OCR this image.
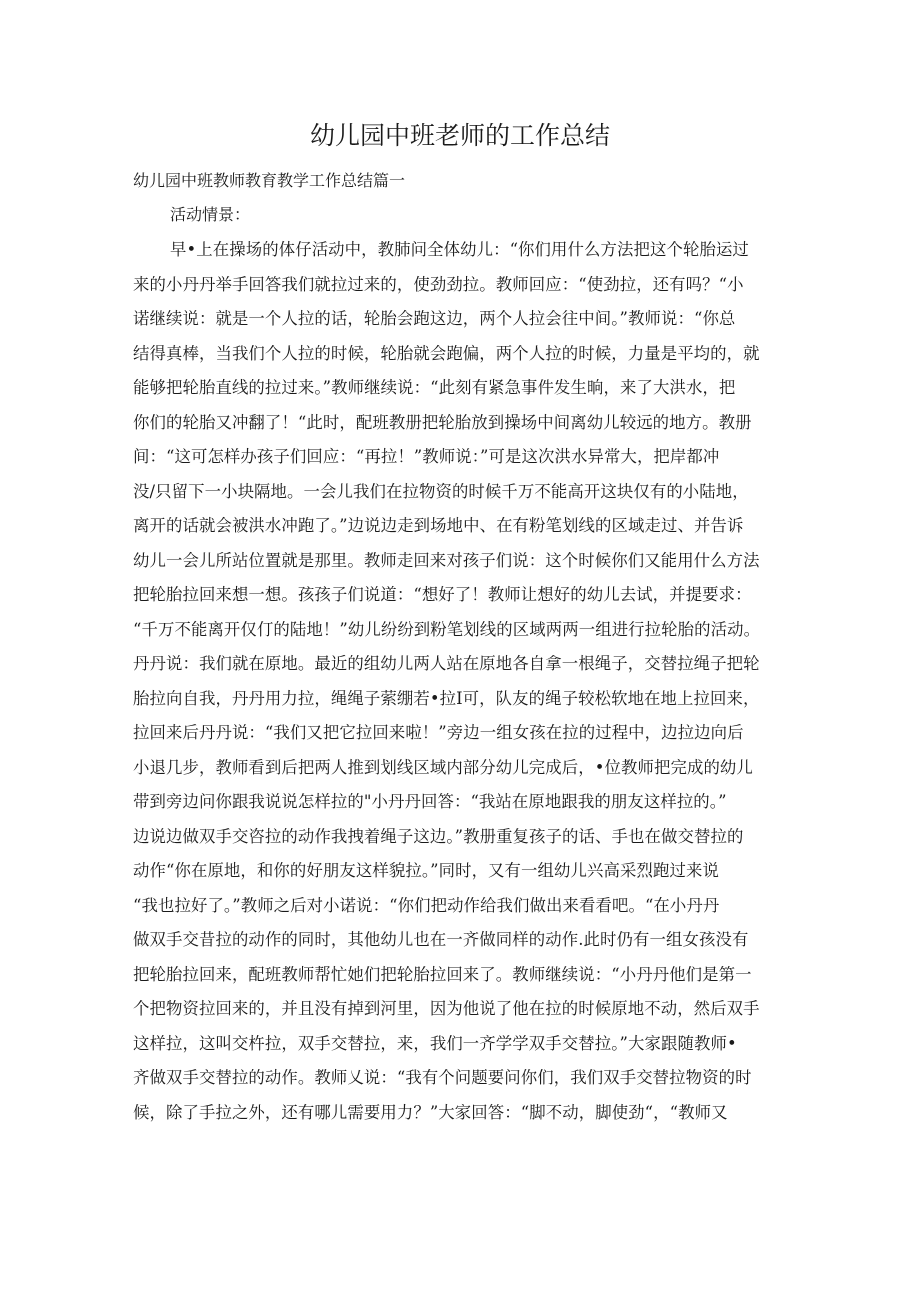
幼儿园中班老师的工作总结

幼儿园中班教师教育教学工作总结篇一

活动情景：

早•上在操场的体仔活动中，教肺问全体幼儿：“你们用什么方法把这个轮胎运过
来的小丹丹举手回答我们就拉过来的，使劲劲拉。教师回应：“使劲拉，还有吗？“小
诺继续说：就是一个人拉的话，轮胎会跑这边，两个人拉会往中间。”教师说：“你总
结得真棒，当我们个人拉的时候，轮胎就会跑偏，两个人拉的时候，力量是平均的，就
能够把轮胎直线的拉过来。”教师继续说：“此刻有紧急事件发生晌，来了大洪水，把
你们的轮胎又冲翻了！“此时，配班教册把轮胎放到操场中间离幼儿较远的地方。教册
间：“这可怎样办孩子们回应：“再拉！”教师说：”可是这次洪水异常大，把岸都冲
没/只留下一小块隔地。一会儿我们在拉物资的时候千万不能高开这块仅有的小陆地，
离开的话就会被洪水冲跑了。”边说边走到场地中、在有粉笔划线的区域走过、并告诉
幼儿一会儿所站位置就是那里。教师走回来对孩子们说：这个时候你们又能用什么方法
把轮胎拉回来想一想。孩孩子们说道：“想好了！教师让想好的幼儿去试，并提要求：
“千万不能离开仅仃的陆地！”幼儿纷纷到粉笔划线的区域两两一组进行拉轮胎的活动。
丹丹说：我们就在原地。最近的组幼儿两人站在原地各自拿一根绳子，交替拉绳子把轮
胎拉向自我，丹丹用力拉，绳绳子萦绷若•拉I可，队友的绳子较松软地在地上拉回来，
拉回来后丹丹说：“我们又把它拉回来啦！”旁边一组女孩在拉的过程中，边拉边向后
小退几步，教师看到后把两人推到划线区域内部分幼儿完成后，•位教师把完成的幼儿
带到旁边问你跟我说说怎样拉的"小丹丹回答：“我站在原地跟我的朋友这样拉的。”
边说边做双手交咨拉的动作我拽着绳子这边。”教册重复孩子的话、手也在做交替拉的
动作“你在原地，和你的好朋友这样貌拉。”同时，又有一组幼儿兴高采烈跑过来说
“我也拉好了。”教师之后对小诺说：“你们把动作给我们做出来看看吧。“在小丹丹
做双手交昔拉的动作的同时，其他幼儿也在一齐做同样的动作.此时仍有一组女孩没有
把轮胎拉回来，配班教师帮忙她们把轮胎拉回来了。教师继续说：“小丹丹他们是第一
个把物资拉回来的，并且没有掉到河里，因为他说了他在拉的时候原地不动，然后双手
这样拉，这叫交杵拉，双手交替拉，来，我们一齐学学双手交替拉。”大家跟随教师•
齐做双手交替拉的动作。教师乂说：“我有个问题要问你们，我们双手交替拉物资的时
候，除了手拉之外，还有哪儿需要用力？”大家回答：“脚不动，脚使劲“，“教师又
